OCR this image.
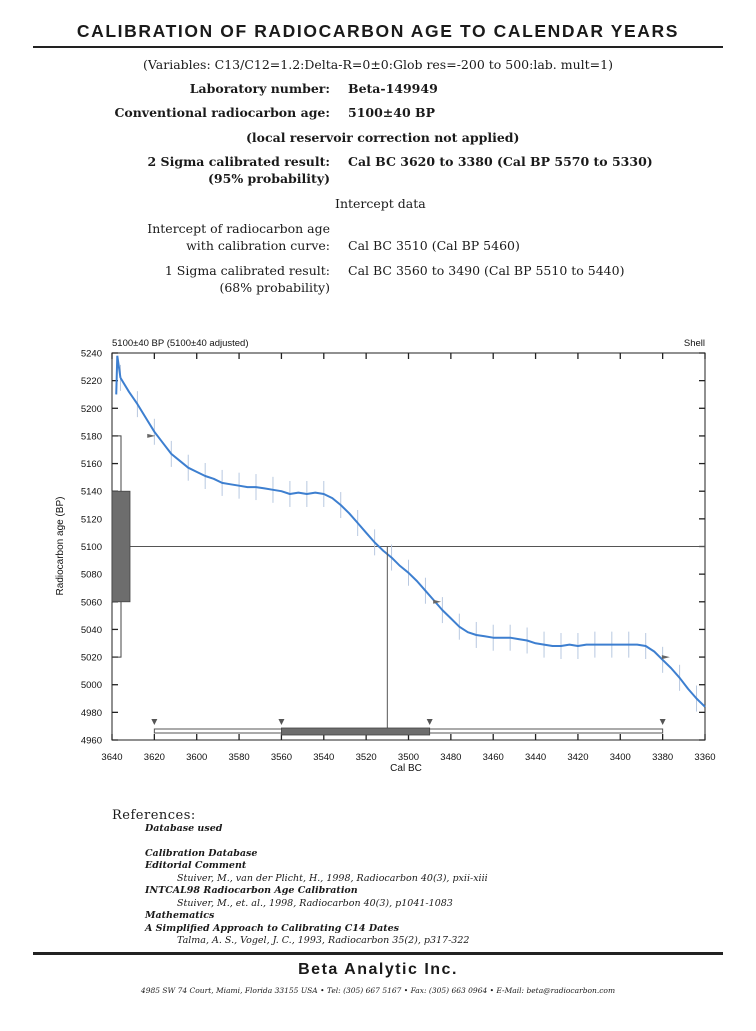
CALIBRATION OF RADIOCARBON AGE TO CALENDAR YEARS
(Variables: C13/C12=1.2:Delta-R=0±0:Glob res=-200 to 500:lab. mult=1)
Laboratory number: Beta-149949
Conventional radiocarbon age: 5100±40 BP
(local reservoir correction not applied)
2 Sigma calibrated result:
(95% probability)
Cal BC 3620 to 3380 (Cal BP 5570 to 5330)
Intercept data
Intercept of radiocarbon age
with calibration curve: Cal BC 3510 (Cal BP 5460)
1 Sigma calibrated result:
(68% probability)
Cal BC 3560 to 3490 (Cal BP 5510 to 5440)
4960
4980
5000
5020
5040
5060
5080
5100
5120
5140
5160
5180
5200
5220
5240
3640 3620 3600 3580 3560 3540 3520 3500 3480 3460 3440 3420 3400 3380 3360
5100±40 BP (5100±40 adjusted)	Shell
Cal BC
Radiocarbon age (BP)
References:
Database used
Calibration Database
Editorial Comment
Stuiver, M., van der Plicht, H., 1998, Radiocarbon 40(3), pxii-xiii
INTCAL98 Radiocarbon Age Calibration
Stuiver, M., et. al., 1998, Radiocarbon 40(3), p1041-1083
Mathematics
A Simplified Approach to Calibrating C14 Dates
Talma, A. S., Vogel, J. C., 1993, Radiocarbon 35(2), p317-322
Beta Analytic Inc.
4985 SW 74 Court, Miami, Florida 33155 USA • Tel: (305) 667 5167 • Fax: (305) 663 0964 • E-Mail: beta@radiocarbon.com
